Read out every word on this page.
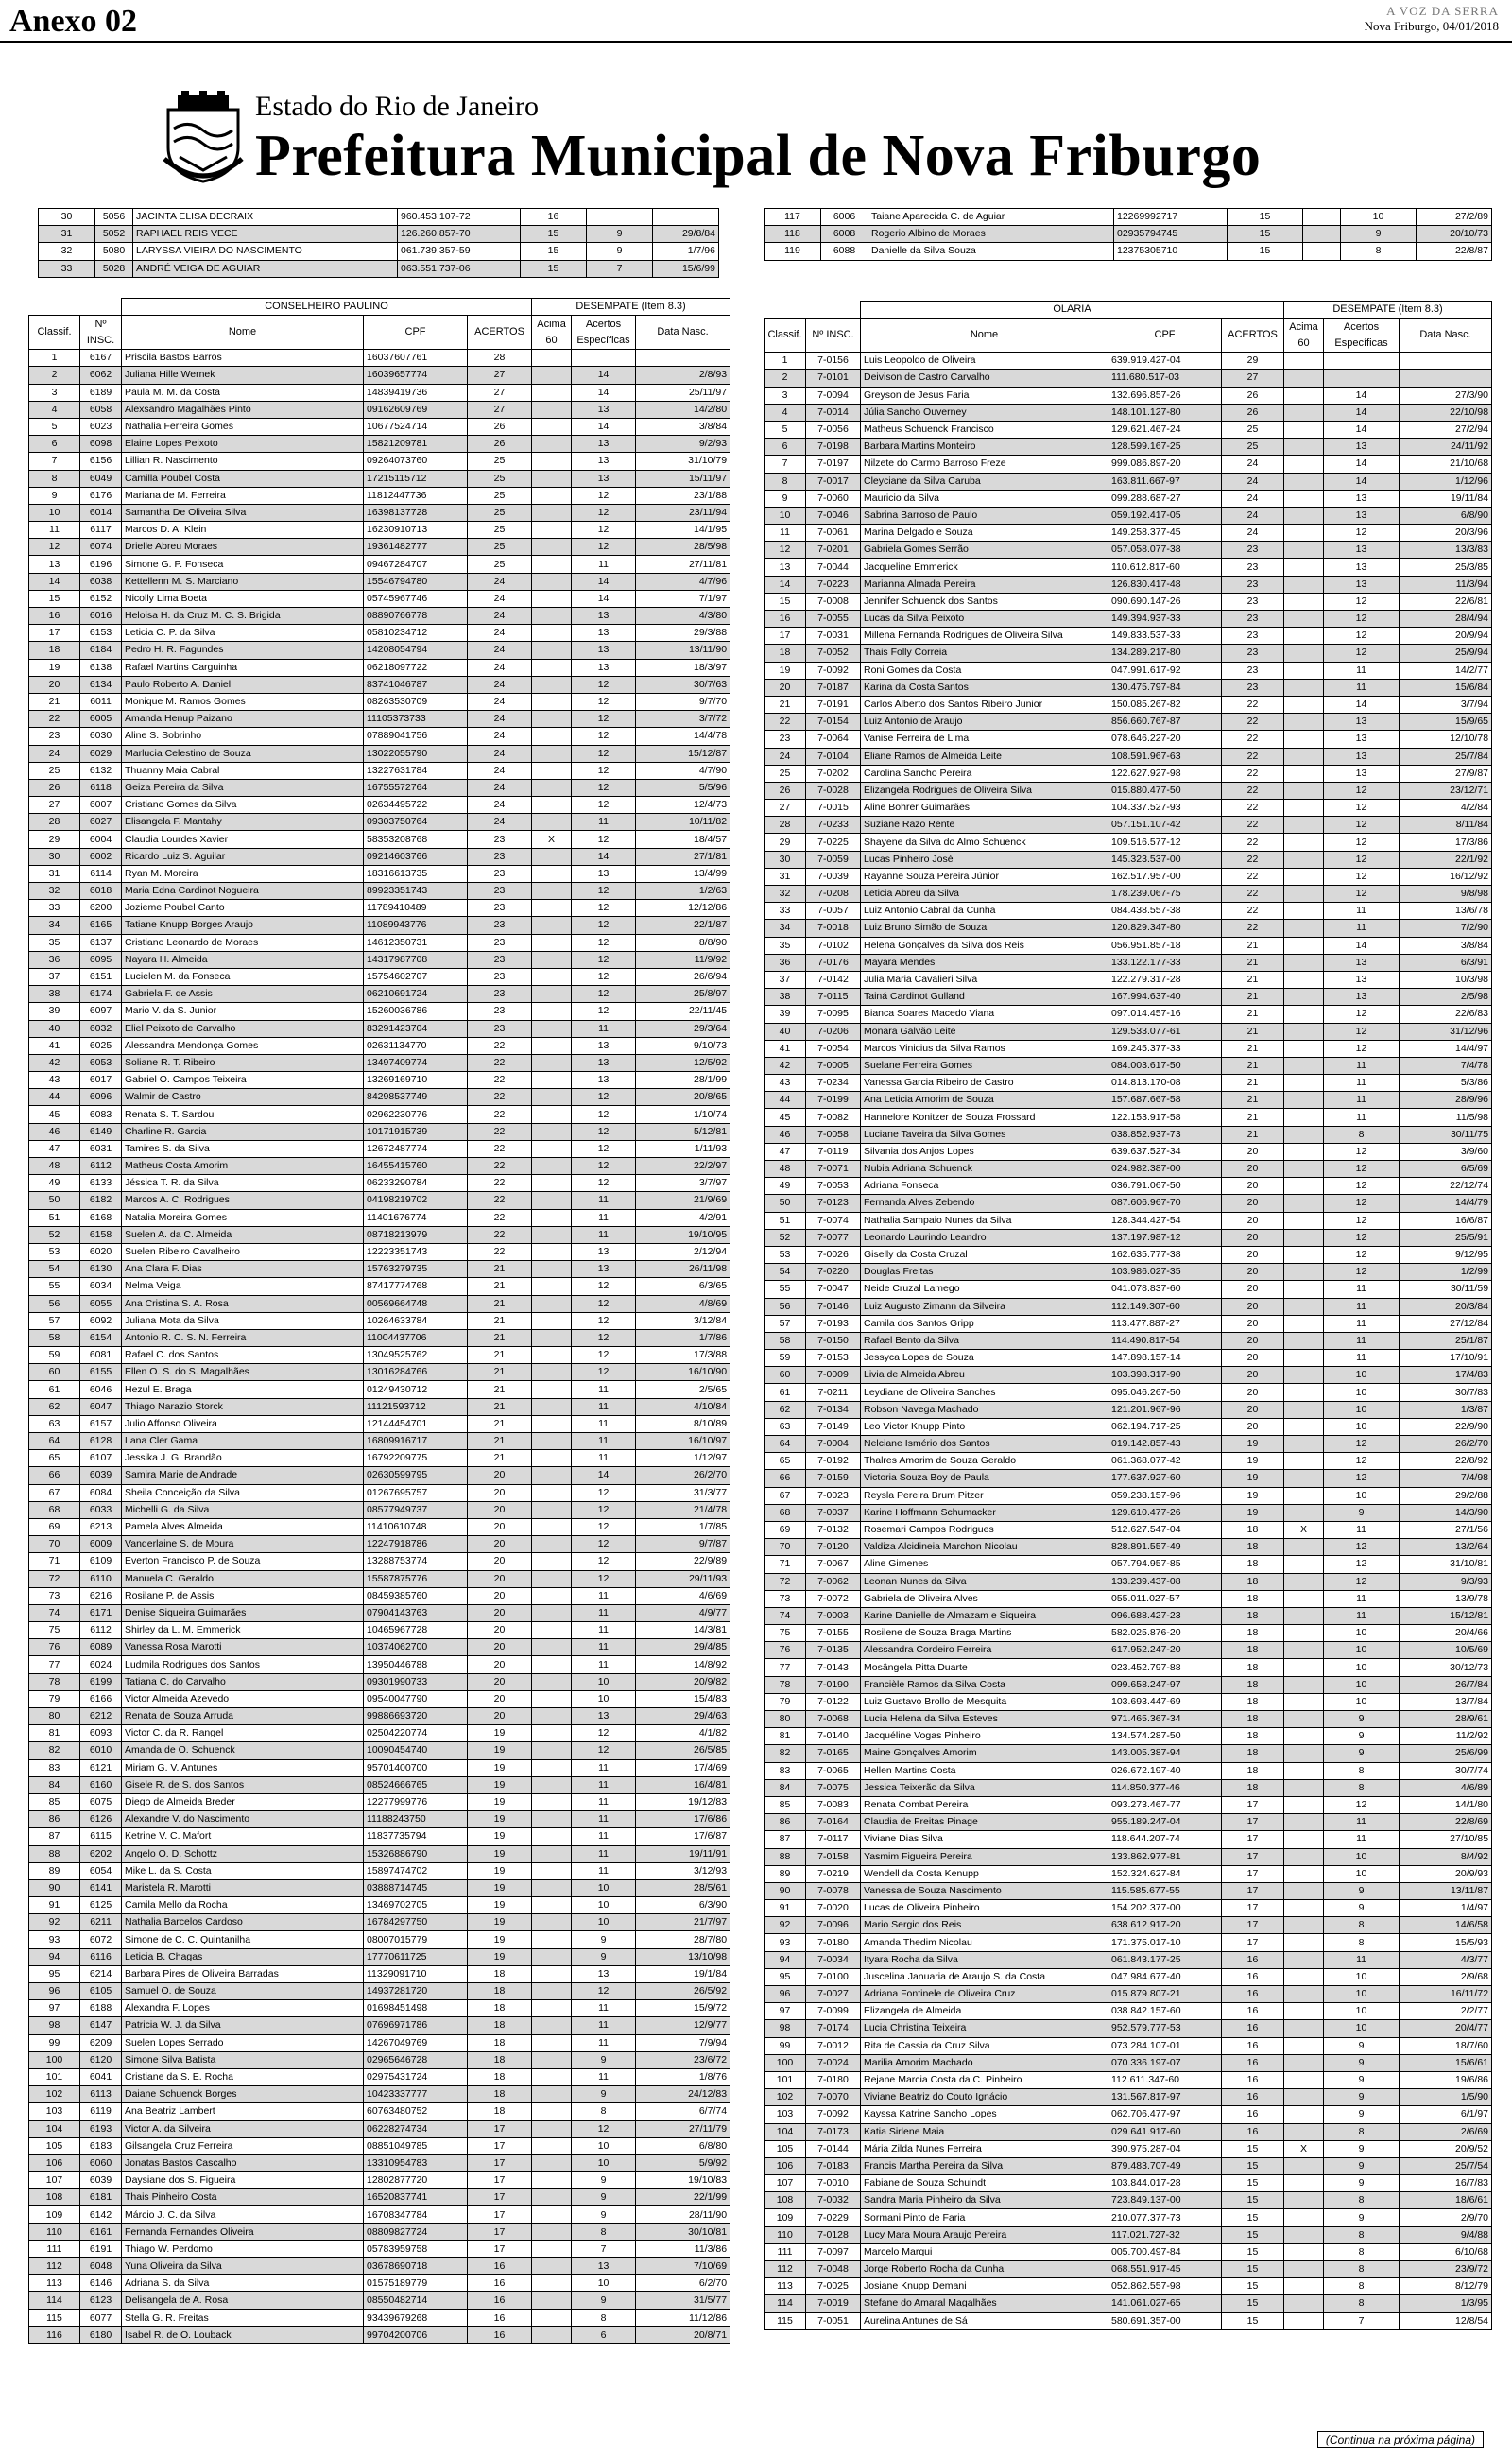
Anexo 02	A VOZ DA SERRA
Nova Friburgo, 04/01/2018
Estado do Rio de Janeiro
Prefeitura Municipal de Nova Friburgo
30	5056	JACINTA ELISA DECRAIX	960.453.107-72	16			
31	5052	RAPHAEL REIS VECE	126.260.857-70	15		9	29/8/84
32	5080	LARYSSA VIEIRA DO NASCIMENTO	061.739.357-59	15		9	1/7/96
33	5028	ANDRÉ VEIGA DE AGUIAR	063.551.737-06	15		7	15/6/99
117	6006	Taiane Aparecida C. de Aguiar	12269992717	15		10	27/2/89
118	6008	Rogerio Albino de Moraes	02935794745	15		9	20/10/73
119	6088	Danielle da Silva Souza	12375305710	15		8	22/8/87
		CONSELHEIRO PAULINO			DESEMPATE (Item 8.3)		
Classif.	Nº INSC.	Nome	CPF	ACERTOS	Acima 60	Acertos Específicas	Data Nasc.
1	6167	Priscila Bastos Barros	16037607761	28			
2	6062	Juliana Hille Wernek	16039657774	27		14	2/8/93
3	6189	Paula M. M. da Costa	14839419736	27		14	25/11/97
4	6058	Alexsandro Magalhães Pinto	09162609769	27		13	14/2/80
5	6023	Nathalia Ferreira Gomes	10677524714	26		14	3/8/84
6	6098	Elaine Lopes Peixoto	15821209781	26		13	9/2/93
7	6156	Lillian R. Nascimento	09264073760	25		13	31/10/79
8	6049	Camilla Poubel Costa	17215115712	25		13	15/11/97
9	6176	Mariana de M. Ferreira	11812447736	25		12	23/1/88
10	6014	Samantha De Oliveira Silva	16398137728	25		12	23/11/94
11	6117	Marcos D. A. Klein	16230910713	25		12	14/1/95
12	6074	Drielle Abreu Moraes	19361482777	25		12	28/5/98
13	6196	Simone G. P. Fonseca	09467284707	25		11	27/11/81
14	6038	Kettellenn M. S. Marciano	15546794780	24		14	4/7/96
15	6152	Nicolly Lima Boeta	05745967746	24		14	7/1/97
16	6016	Heloisa H. da Cruz M. C. S. Brigida	08890766778	24		13	4/3/80
17	6153	Leticia C. P. da Silva	05810234712	24		13	29/3/88
18	6184	Pedro H. R. Fagundes	14208054794	24		13	13/11/90
19	6138	Rafael Martins Carguinha	06218097722	24		13	18/3/97
20	6134	Paulo Roberto A. Daniel	83741046787	24		12	30/7/63
21	6011	Monique M. Ramos Gomes	08263530709	24		12	9/7/70
22	6005	Amanda Henup Paizano	11105373733	24		12	3/7/72
23	6030	Aline S. Sobrinho	07889041756	24		12	14/4/78
24	6029	Marlucia Celestino de Souza	13022055790	24		12	15/12/87
25	6132	Thuanny Maia Cabral	13227631784	24		12	4/7/90
26	6118	Geiza Pereira da Silva	16755572764	24		12	5/5/96
27	6007	Cristiano Gomes da Silva	02634495722	24		12	12/4/73
28	6027	Elisangela F. Mantahy	09303750764	24		11	10/11/82
29	6004	Claudia Lourdes Xavier	58353208768	23	X	12	18/4/57
30	6002	Ricardo Luiz S. Aguilar	09214603766	23		14	27/1/81
31	6114	Ryan M. Moreira	18316613735	23		13	13/4/99
32	6018	Maria Edna Cardinot Nogueira	89923351743	23		12	1/2/63
33	6200	Jozieme Poubel Canto	11789410489	23		12	12/12/86
34	6165	Tatiane Knupp Borges Araujo	11089943776	23		12	22/1/87
35	6137	Cristiano Leonardo de Moraes	14612350731	23		12	8/8/90
36	6095	Nayara H. Almeida	14317987708	23		12	11/9/92
37	6151	Lucielen M. da Fonseca	15754602707	23		12	26/6/94
38	6174	Gabriela F. de Assis	06210691724	23		12	25/8/97
39	6097	Mario V. da S. Junior	15260036786	23		12	22/11/45
40	6032	Eliel Peixoto de Carvalho	83291423704	23		11	29/3/64
41	6025	Alessandra Mendonça Gomes	02631134770	22		13	9/10/73
42	6053	Soliane R. T. Ribeiro	13497409774	22		13	12/5/92
43	6017	Gabriel O. Campos Teixeira	13269169710	22		13	28/1/99
44	6096	Walmir de Castro	84298537749	22		12	20/8/65
45	6083	Renata S. T. Sardou	02962230776	22		12	1/10/74
46	6149	Charline R. Garcia	10171915739	22		12	5/12/81
47	6031	Tamires S. da Silva	12672487774	22		12	1/11/93
48	6112	Matheus Costa Amorim	16455415760	22		12	22/2/97
49	6133	Jéssica T. R. da Silva	06233290784	22		12	3/7/97
50	6182	Marcos A. C. Rodrigues	04198219702	22		11	21/9/69
51	6168	Natalia Moreira Gomes	11401676774	22		11	4/2/91
52	6158	Suelen A. da C. Almeida	08718213979	22		11	19/10/95
53	6020	Suelen Ribeiro Cavalheiro	12223351743	22		13	2/12/94
54	6130	Ana Clara F. Dias	15763279735	21		13	26/11/98
55	6034	Nelma Veiga	87417774768	21		12	6/3/65
56	6055	Ana Cristina S. A. Rosa	00569664748	21		12	4/8/69
57	6092	Juliana Mota da Silva	10264633784	21		12	3/12/84
58	6154	Antonio R. C. S. N. Ferreira	11004437706	21		12	1/7/86
59	6081	Rafael C. dos Santos	13049525762	21		12	17/3/88
60	6155	Ellen O. S. do S. Magalhães	13016284766	21		12	16/10/90
61	6046	Hezul E. Braga	01249430712	21		11	2/5/65
62	6047	Thiago Narazio Storck	11121593712	21		11	4/10/84
63	6157	Julio Affonso Oliveira	12144454701	21		11	8/10/89
64	6128	Lana Cler Gama	16809916717	21		11	16/10/97
65	6107	Jessika J. G. Brandão	16792209775	21		11	1/12/97
66	6039	Samira Marie de Andrade	02630599795	20		14	26/2/70
67	6084	Sheila Conceição da Silva	01267695757	20		12	31/3/77
68	6033	Michelli G. da Silva	08577949737	20		12	21/4/78
69	6213	Pamela Alves Almeida	11410610748	20		12	1/7/85
70	6009	Vanderlaine S. de Moura	12247918786	20		12	9/7/87
71	6109	Everton Francisco P. de Souza	13288753774	20		12	22/9/89
72	6110	Manuela C. Geraldo	15587875776	20		12	29/11/93
73	6216	Rosilane P. de Assis	08459385760	20		11	4/6/69
74	6171	Denise Siqueira Guimarães	07904143763	20		11	4/9/77
75	6112	Shirley da L. M. Emmerick	10465967728	20		11	14/3/81
76	6089	Vanessa Rosa Marotti	10374062700	20		11	29/4/85
77	6024	Ludmila Rodrigues dos Santos	13950446788	20		11	14/8/92
78	6199	Tatiana C. do Carvalho	09301990733	20		10	20/9/82
79	6166	Victor Almeida Azevedo	09540047790	20		10	15/4/83
80	6212	Renata de Souza Arruda	99886693720	20		13	29/4/63
81	6093	Victor C. da R. Rangel	02504220774	19		12	4/1/82
82	6010	Amanda de O. Schuenck	10090454740	19		12	26/5/85
83	6121	Miriam G. V. Antunes	95701400700	19		11	17/4/69
84	6160	Gisele R. de S. dos Santos	08524666765	19		11	16/4/81
85	6075	Diego de Almeida Breder	12277999776	19		11	19/12/83
86	6126	Alexandre V. do Nascimento	11188243750	19		11	17/6/86
87	6115	Ketrine V. C. Mafort	11837735794	19		11	17/6/87
88	6202	Angelo O. D. Schottz	15326886790	19		11	19/11/91
89	6054	Mike L. da S. Costa	15897474702	19		11	3/12/93
90	6141	Maristela R. Marotti	03888714745	19		10	28/5/61
91	6125	Camila Mello da Rocha	13469702705	19		10	6/3/90
92	6211	Nathalia Barcelos Cardoso	16784297750	19		10	21/7/97
93	6072	Simone de C. C. Quintanilha	08007015779	19		9	28/7/80
94	6116	Leticia B. Chagas	17770611725	19		9	13/10/98
95	6214	Barbara Pires de Oliveira Barradas	11329091710	18		13	19/1/84
96	6105	Samuel O. de Souza	14937281720	18		12	26/5/92
97	6188	Alexandra F. Lopes	01698451498	18		11	15/9/72
98	6147	Patricia W. J. da Silva	07696971786	18		11	12/9/77
99	6209	Suelen Lopes Serrado	14267049769	18		11	7/9/94
100	6120	Simone Silva Batista	02965646728	18		9	23/6/72
101	6041	Cristiane da S. E. Rocha	02975431724	18		11	1/8/76
102	6113	Daiane Schuenck Borges	10423337777	18		9	24/12/83
103	6119	Ana Beatriz Lambert	60763480752	18		8	6/7/74
104	6193	Victor A. da Silveira	06228274734	17		12	27/11/79
105	6183	Gilsangela Cruz Ferreira	08851049785	17		10	6/8/80
106	6060	Jonatas Bastos Cascalho	13310954783	17		10	5/9/92
107	6039	Daysiane dos S. Figueira	12802877720	17		9	19/10/83
108	6181	Thais Pinheiro Costa	16520837741	17		9	22/1/99
109	6142	Márcio J. C. da Silva	16708347784	17		9	28/11/90
110	6161	Fernanda Fernandes Oliveira	08809827724	17		8	30/10/81
111	6191	Thiago W. Perdomo	05783959758	17		7	11/3/86
112	6048	Yuna Oliveira da Silva	03678690718	16		13	7/10/69
113	6146	Adriana S. da Silva	01575189779	16		10	6/2/70
114	6123	Delisangela de A. Rosa	08550482714	16		9	31/5/77
115	6077	Stella G. R. Freitas	93439679268	16		8	11/12/86
116	6180	Isabel R. de O. Louback	99704200706	16		6	20/8/71
		OLARIA			DESEMPATE (Item 8.3)		
Classif.	Nº INSC.	Nome	CPF	ACERTOS	Acima 60	Acertos Específicas	Data Nasc.
1	7-0156	Luis Leopoldo de Oliveira	639.919.427-04	29			
2	7-0101	Deivison de Castro Carvalho	111.680.517-03	27			
3	7-0094	Greyson de Jesus Faria	132.696.857-26	26		14	27/3/90
4	7-0014	Júlia Sancho Ouverney	148.101.127-80	26		14	22/10/98
5	7-0056	Matheus Schuenck Francisco	129.621.467-24	25		14	27/2/94
6	7-0198	Barbara Martins Monteiro	128.599.167-25	25		13	24/11/92
7	7-0197	Nilzete do Carmo Barroso Freze	999.086.897-20	24		14	21/10/68
8	7-0017	Cleyciane da Silva Caruba	163.811.667-97	24		14	1/12/96
9	7-0060	Mauricio da Silva	099.288.687-27	24		13	19/11/84
10	7-0046	Sabrina Barroso de Paulo	059.192.417-05	24		13	6/8/90
11	7-0061	Marina Delgado e Souza	149.258.377-45	24		12	20/3/96
12	7-0201	Gabriela Gomes Serrão	057.058.077-38	23		13	13/3/83
13	7-0044	Jacqueline Emmerick	110.612.817-60	23		13	25/3/85
14	7-0223	Marianna Almada Pereira	126.830.417-48	23		13	11/3/94
15	7-0008	Jennifer Schuenck dos Santos	090.690.147-26	23		12	22/6/81
16	7-0055	Lucas da Silva Peixoto	149.394.937-33	23		12	28/4/94
17	7-0031	Millena Fernanda Rodrigues de Oliveira Silva	149.833.537-33	23		12	20/9/94
18	7-0052	Thais Folly Correia	134.289.217-80	23		12	25/9/94
19	7-0092	Roni Gomes da Costa	047.991.617-92	23		11	14/2/77
20	7-0187	Karina da Costa Santos	130.475.797-84	23		11	15/6/84
21	7-0191	Carlos Alberto dos Santos Ribeiro Junior	150.085.267-82	22		14	3/7/94
22	7-0154	Luiz Antonio de Araujo	856.660.767-87	22		13	15/9/65
23	7-0064	Vanise Ferreira de Lima	078.646.227-20	22		13	12/10/78
24	7-0104	Eliane Ramos de Almeida Leite	108.591.967-63	22		13	25/7/84
25	7-0202	Carolina Sancho Pereira	122.627.927-98	22		13	27/9/87
26	7-0028	Elizangela Rodrigues de Oliveira Silva	015.880.477-50	22		12	23/12/71
27	7-0015	Aline Bohrer Guimarães	104.337.527-93	22		12	4/2/84
28	7-0233	Suziane Razo Rente	057.151.107-42	22		12	8/11/84
29	7-0225	Shayene da Silva do Almo Schuenck	109.516.577-12	22		12	17/3/86
30	7-0059	Lucas Pinheiro José	145.323.537-00	22		12	22/1/92
31	7-0039	Rayanne Souza Pereira Júnior	162.517.957-00	22		12	16/12/92
32	7-0208	Leticia Abreu da Silva	178.239.067-75	22		12	9/8/98
33	7-0057	Luiz Antonio Cabral da Cunha	084.438.557-38	22		11	13/6/78
34	7-0018	Luiz Bruno Simão de Souza	120.829.347-80	22		11	7/2/90
35	7-0102	Helena Gonçalves da Silva dos Reis	056.951.857-18	21		14	3/8/84
36	7-0176	Mayara Mendes	133.122.177-33	21		13	6/3/91
37	7-0142	Julia Maria Cavalieri Silva	122.279.317-28	21		13	10/3/98
38	7-0115	Tainá Cardinot Gulland	167.994.637-40	21		13	2/5/98
39	7-0095	Bianca Soares Macedo Viana	097.014.457-16	21		12	22/6/83
40	7-0206	Monara Galvão Leite	129.533.077-61	21		12	31/12/96
41	7-0054	Marcos Vinicius da Silva Ramos	169.245.377-33	21		12	14/4/97
42	7-0005	Suelane Ferreira Gomes	084.003.617-50	21		11	7/4/78
43	7-0234	Vanessa Garcia Ribeiro de Castro	014.813.170-08	21		11	5/3/86
44	7-0199	Ana Leticia Amorim de Souza	157.687.667-58	21		11	28/9/96
45	7-0082	Hannelore Konitzer de Souza Frossard	122.153.917-58	21		11	11/5/98
46	7-0058	Luciane Taveira da Silva Gomes	038.852.937-73	21		8	30/11/75
47	7-0119	Silvania dos Anjos Lopes	639.637.527-34	20		12	3/9/60
48	7-0071	Nubia Adriana Schuenck	024.982.387-00	20		12	6/5/69
49	7-0053	Adriana Fonseca	036.791.067-50	20		12	22/12/74
50	7-0123	Fernanda Alves Zebendo	087.606.967-70	20		12	14/4/79
51	7-0074	Nathalia Sampaio Nunes da Silva	128.344.427-54	20		12	16/6/87
52	7-0077	Leonardo Laurindo Leandro	137.197.987-12	20		12	25/5/91
53	7-0026	Giselly da Costa Cruzal	162.635.777-38	20		12	9/12/95
54	7-0220	Douglas Freitas	103.986.027-35	20		12	1/2/99
55	7-0047	Neide Cruzal Lamego	041.078.837-60	20		11	30/11/59
56	7-0146	Luiz Augusto Zimann da Silveira	112.149.307-60	20		11	20/3/84
57	7-0193	Camila dos Santos Gripp	113.477.887-27	20		11	27/12/84
58	7-0150	Rafael Bento da Silva	114.490.817-54	20		11	25/1/87
59	7-0153	Jessyca Lopes de Souza	147.898.157-14	20		11	17/10/91
60	7-0009	Livia de Almeida Abreu	103.398.317-90	20		10	17/4/83
61	7-0211	Leydiane de Oliveira Sanches	095.046.267-50	20		10	30/7/83
62	7-0134	Robson Navega Machado	121.201.967-96	20		10	1/3/87
63	7-0149	Leo Victor Knupp Pinto	062.194.717-25	20		10	22/9/90
64	7-0004	Nelciane Ismério dos Santos	019.142.857-43	19		12	26/2/70
65	7-0192	Thalres Amorim de Souza Geraldo	061.368.077-42	19		12	22/8/92
66	7-0159	Victoria Souza Boy de Paula	177.637.927-60	19		12	7/4/98
67	7-0023	Reysla Pereira Brum Pitzer	059.238.157-96	19		10	29/2/88
68	7-0037	Karine Hoffmann Schumacker	129.610.477-26	19		9	14/3/90
69	7-0132	Rosemari Campos Rodrigues	512.627.547-04	18	X	11	27/1/56
70	7-0120	Valdiza Alcidineia Marchon Nicolau	828.891.557-49	18		12	13/2/64
71	7-0067	Aline Gimenes	057.794.957-85	18		12	31/10/81
72	7-0062	Leonan Nunes da Silva	133.239.437-08	18		12	9/3/93
73	7-0072	Gabriela de Oliveira Alves	055.011.027-57	18		11	13/9/78
74	7-0003	Karine Danielle de Almazam e Siqueira	096.688.427-23	18		11	15/12/81
75	7-0155	Rosilene de Souza Braga Martins	582.025.876-20	18		10	20/4/66
76	7-0135	Alessandra Cordeiro Ferreira	617.952.247-20	18		10	10/5/69
77	7-0143	Mosângela Pitta Duarte	023.452.797-88	18		10	30/12/73
78	7-0190	Francièle Ramos da Silva Costa	099.658.247-97	18		10	26/7/84
79	7-0122	Luiz Gustavo Brollo de Mesquita	103.693.447-69	18		10	13/7/84
80	7-0068	Lucia Helena da Silva Esteves	971.465.367-34	18		9	28/9/61
81	7-0140	Jacquéline Vogas Pinheiro	134.574.287-50	18		9	11/2/92
82	7-0165	Maine Gonçalves Amorim	143.005.387-94	18		9	25/6/99
83	7-0065	Hellen Martins Costa	026.672.197-40	18		8	30/7/74
84	7-0075	Jessica Teixerão da Silva	114.850.377-46	18		8	4/6/89
85	7-0083	Renata Combat Pereira	093.273.467-77	17		12	14/1/80
86	7-0164	Claudia de Freitas Pinage	955.189.247-04	17		11	22/8/69
87	7-0117	Viviane Dias Silva	118.644.207-74	17		11	27/10/85
88	7-0158	Yasmim Figueira Pereira	133.862.977-81	17		10	8/4/92
89	7-0219	Wendell da Costa Kenupp	152.324.627-84	17		10	20/9/93
90	7-0078	Vanessa de Souza Nascimento	115.585.677-55	17		9	13/11/87
91	7-0020	Lucas de Oliveira Pinheiro	154.202.377-00	17		9	1/4/97
92	7-0096	Mario Sergio dos Reis	638.612.917-20	17		8	14/6/58
93	7-0180	Amanda Thedim Nicolau	171.375.017-10	17		8	15/5/93
94	7-0034	Ityara Rocha da Silva	061.843.177-25	16		11	4/3/77
95	7-0100	Juscelina Januaria de Araujo S. da Costa	047.984.677-40	16		10	2/9/68
96	7-0027	Adriana Fontinele de Oliveira Cruz	015.879.807-21	16		10	16/11/72
97	7-0099	Elizangela de Almeida	038.842.157-60	16		10	2/2/77
98	7-0174	Lucia Christina Teixeira	952.579.777-53	16		10	20/4/77
99	7-0012	Rita de Cassia da Cruz Silva	073.284.107-01	16		9	18/7/60
100	7-0024	Marilia Amorim Machado	070.336.197-07	16		9	15/6/61
101	7-0180	Rejane Marcia Costa da C. Pinheiro	112.611.347-60	16		9	19/6/86
102	7-0070	Viviane Beatriz do Couto Ignácio	131.567.817-97	16		9	1/5/90
103	7-0092	Kayssa Katrine Sancho Lopes	062.706.477-97	16		9	6/1/97
104	7-0173	Katia Sirlene Maia	029.641.917-60	16		8	2/6/69
105	7-0144	Mária Zilda Nunes Ferreira	390.975.287-04	15	X	9	20/9/52
106	7-0183	Francis Martha Pereira da Silva	879.483.707-49	15		9	25/7/54
107	7-0010	Fabiane de Souza Schuindt	103.844.017-28	15		9	16/7/83
108	7-0032	Sandra Maria Pinheiro da Silva	723.849.137-00	15		8	18/6/61
109	7-0229	Sormani Pinto de Faria	210.077.377-73	15		9	2/9/70
110	7-0128	Lucy Mara Moura Araujo Pereira	117.021.727-32	15		8	9/4/88
111	7-0097	Marcelo Marqui	005.700.497-84	15		8	6/10/68
112	7-0048	Jorge Roberto Rocha da Cunha	068.551.917-45	15		8	23/9/72
113	7-0025	Josiane Knupp Demani	052.862.557-98	15		8	8/12/79
114	7-0019	Stefane do Amaral Magalhães	141.061.027-65	15		8	1/3/95
115	7-0051	Aurelina Antunes de Sá	580.691.357-00	15		7	12/8/54
(Continua na próxima página)
